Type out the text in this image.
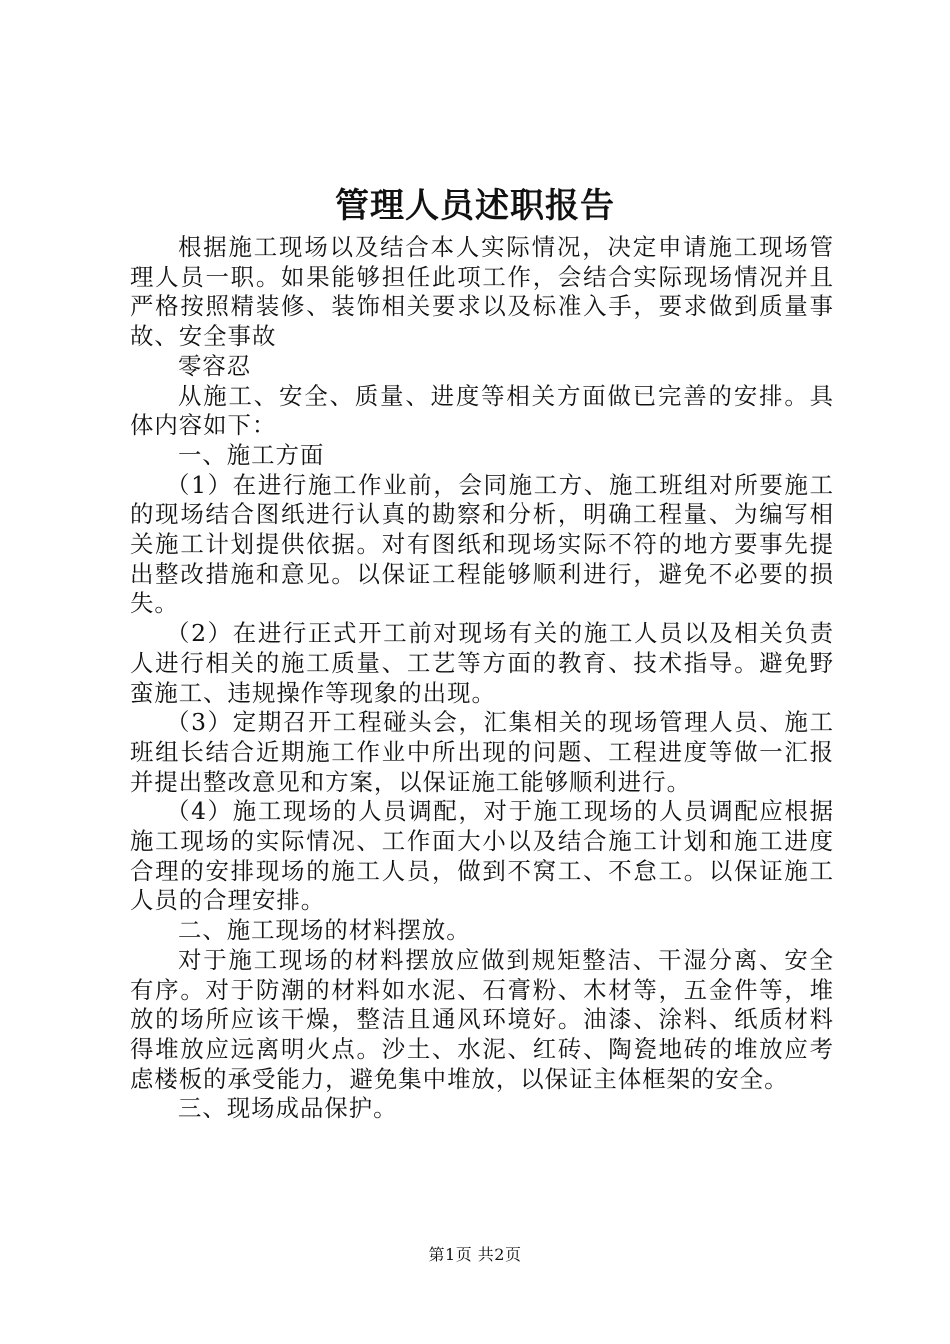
管理人员述职报告

根据施工现场以及结合本人实际情况，决定申请施工现场管理人员一职。如果能够担任此项工作，会结合实际现场情况并且严格按照精装修、装饰相关要求以及标准入手，要求做到质量事故、安全事故

零容忍

从施工、安全、质量、进度等相关方面做已完善的安排。具体内容如下：

一、施工方面

（1）在进行施工作业前，会同施工方、施工班组对所要施工的现场结合图纸进行认真的勘察和分析，明确工程量、为编写相关施工计划提供依据。对有图纸和现场实际不符的地方要事先提出整改措施和意见。以保证工程能够顺利进行，避免不必要的损失。

（2）在进行正式开工前对现场有关的施工人员以及相关负责人进行相关的施工质量、工艺等方面的教育、技术指导。避免野蛮施工、违规操作等现象的出现。

（3）定期召开工程碰头会，汇集相关的现场管理人员、施工班组长结合近期施工作业中所出现的问题、工程进度等做一汇报并提出整改意见和方案，以保证施工能够顺利进行。

（4）施工现场的人员调配，对于施工现场的人员调配应根据施工现场的实际情况、工作面大小以及结合施工计划和施工进度合理的安排现场的施工人员，做到不窝工、不怠工。以保证施工人员的合理安排。

二、施工现场的材料摆放。

对于施工现场的材料摆放应做到规矩整洁、干湿分离、安全有序。对于防潮的材料如水泥、石膏粉、木材等，五金件等，堆放的场所应该干燥，整洁且通风环境好。油漆、涂料、纸质材料得堆放应远离明火点。沙土、水泥、红砖、陶瓷地砖的堆放应考虑楼板的承受能力，避免集中堆放，以保证主体框架的安全。

三、现场成品保护。

第1页 共2页
